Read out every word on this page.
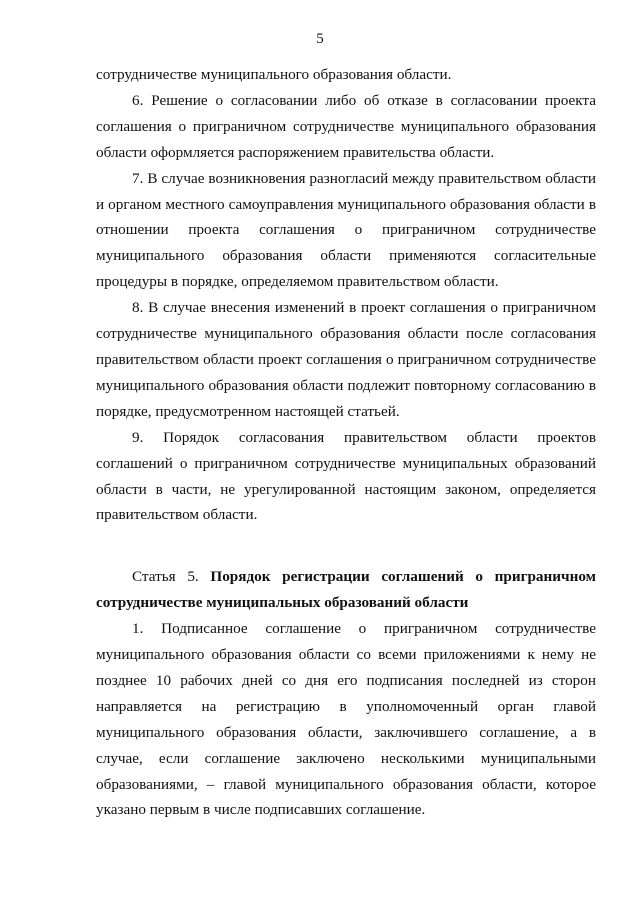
5

сотрудничестве муниципального образования области.

6. Решение о согласовании либо об отказе в согласовании проекта соглашения о приграничном сотрудничестве муниципального образования области оформляется распоряжением правительства области.

7. В случае возникновения разногласий между правительством области и органом местного самоуправления муниципального образования области в отношении проекта соглашения о приграничном сотрудничестве муниципального образования области применяются согласительные процедуры в порядке, определяемом правительством области.

8. В случае внесения изменений в проект соглашения о приграничном сотрудничестве муниципального образования области после согласования правительством области проект соглашения о приграничном сотрудничестве муниципального образования области подлежит повторному согласованию в порядке, предусмотренном настоящей статьей.

9. Порядок согласования правительством области проектов соглашений о приграничном сотрудничестве муниципальных образований области в части, не урегулированной настоящим законом, определяется правительством области.

Статья 5. Порядок регистрации соглашений о приграничном сотрудничестве муниципальных образований области

1. Подписанное соглашение о приграничном сотрудничестве муниципального образования области со всеми приложениями к нему не позднее 10 рабочих дней со дня его подписания последней из сторон направляется на регистрацию в уполномоченный орган главой муниципального образования области, заключившего соглашение, а в случае, если соглашение заключено несколькими муниципальными образованиями, – главой муниципального образования области, которое указано первым в числе подписавших соглашение.
